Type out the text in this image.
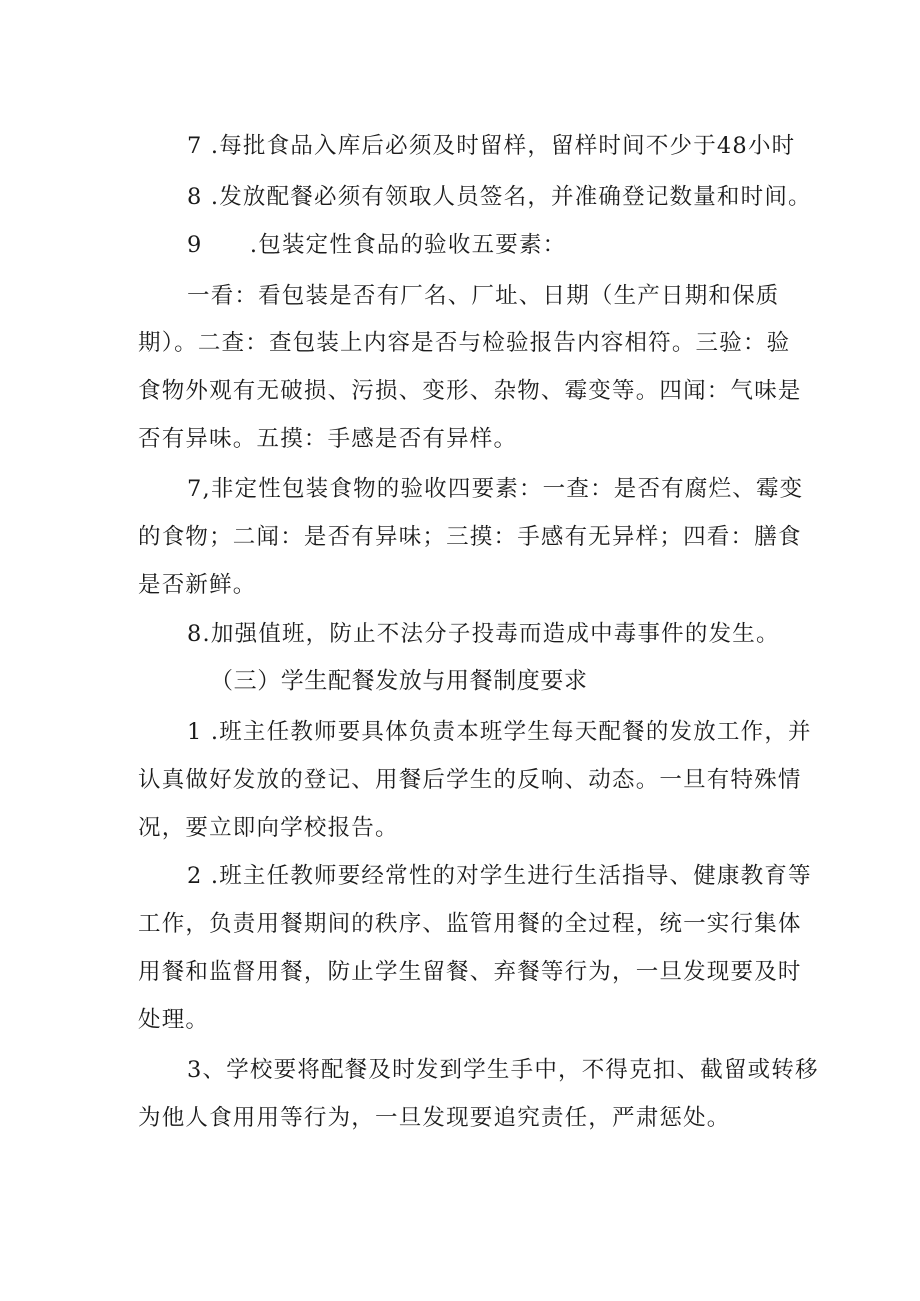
7 .每批食品入库后必须及时留样，留样时间不少于48小时
8 .发放配餐必须有领取人员签名，并准确登记数量和时间。
9　　.包装定性食品的验收五要素：
一看：看包装是否有厂名、厂址、日期（生产日期和保质
期）。二查：查包装上内容是否与检验报告内容相符。三验：验
食物外观有无破损、污损、变形、杂物、霉变等。四闻：气味是
否有异味。五摸：手感是否有异样。
7,非定性包装食物的验收四要素：一查：是否有腐烂、霉变
的食物；二闻：是否有异味；三摸：手感有无异样；四看：膳食
是否新鲜。
8.加强值班，防止不法分子投毒而造成中毒事件的发生。
（三）学生配餐发放与用餐制度要求
1 .班主任教师要具体负责本班学生每天配餐的发放工作，并
认真做好发放的登记、用餐后学生的反响、动态。一旦有特殊情
况，要立即向学校报告。
2 .班主任教师要经常性的对学生进行生活指导、健康教育等
工作，负责用餐期间的秩序、监管用餐的全过程，统一实行集体
用餐和监督用餐，防止学生留餐、弃餐等行为，一旦发现要及时
处理。
3、学校要将配餐及时发到学生手中，不得克扣、截留或转移
为他人食用用等行为，一旦发现要追究责任，严肃惩处。
